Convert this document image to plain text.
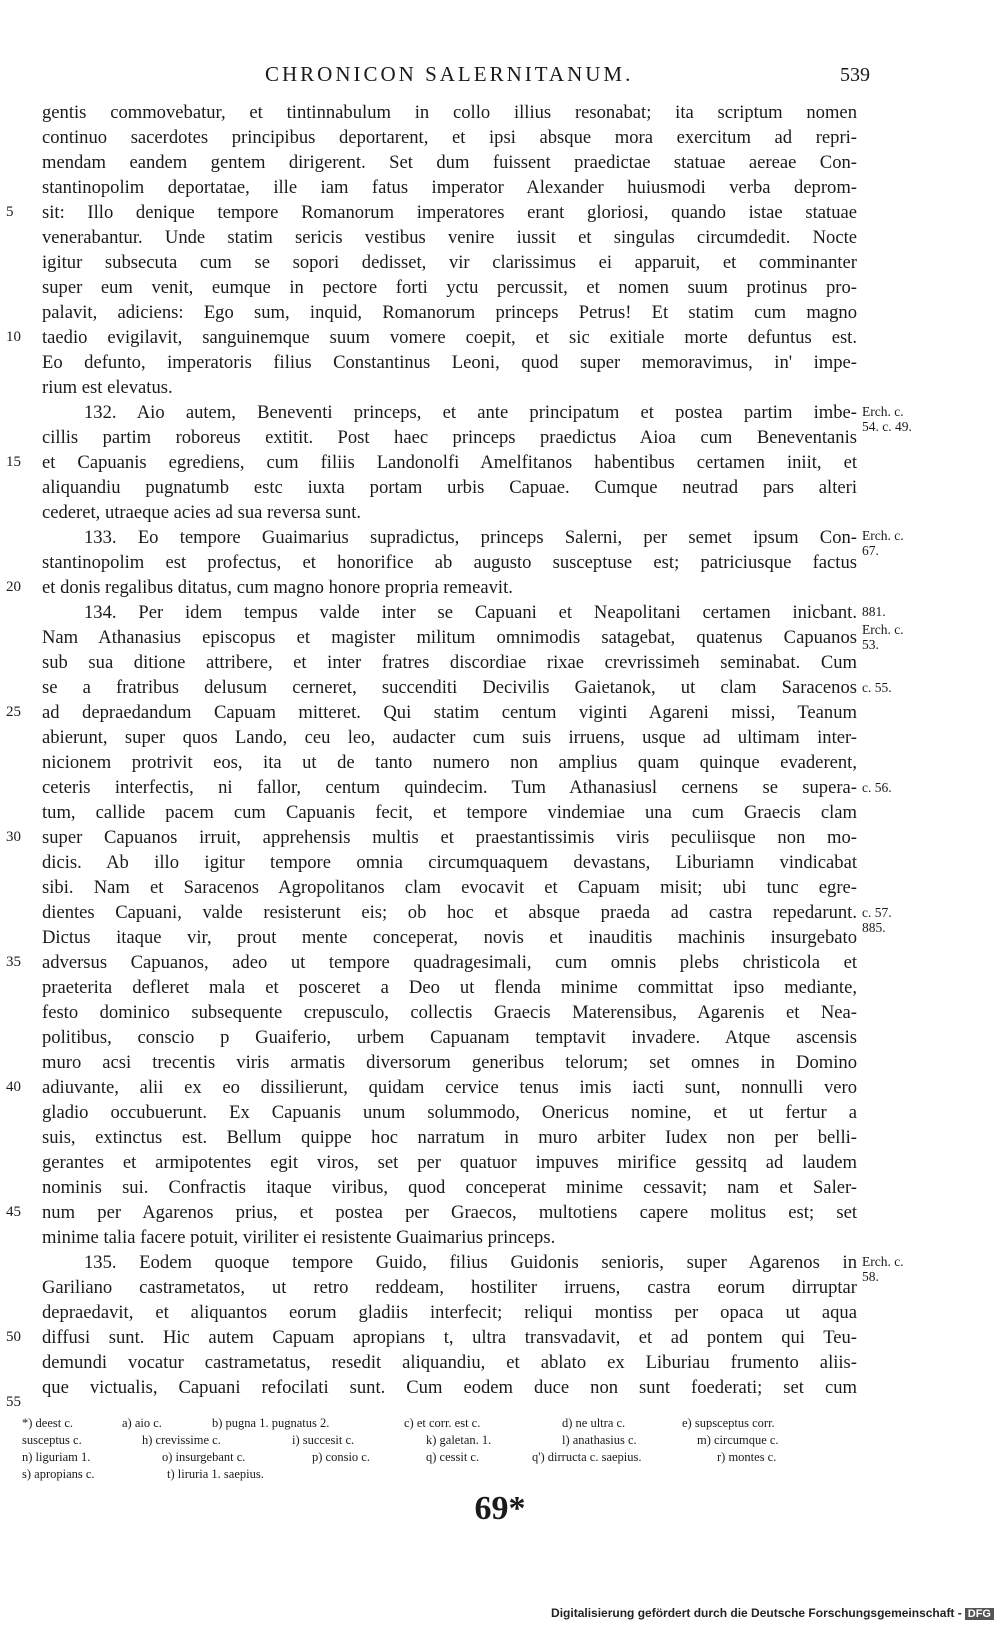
CHRONICON SALERNITANUM.	539
gentis commovebatur, et tintinnabulum in collo illius resonabat; ita scriptum nomen
continuo sacerdotes principibus deportarent, et ipsi absque mora exercitum ad repri-
mendam eandem gentem dirigerent. Set dum fuissent praedictae statuae aereae Con-
stantinopolim deportatae, ille iam fatus imperator Alexander huiusmodi verba deprom-
sit: Illo denique tempore Romanorum imperatores erant gloriosi, quando istae statuae
venerabantur. Unde statim sericis vestibus venire iussit et singulas circumdedit. Nocte
igitur subsecuta cum se sopori dedisset, vir clarissimus ei apparuit, et comminanter
super eum venit, eumque in pectore forti yctu percussit, et nomen suum protinus pro-
palavit, adiciens: Ego sum, inquid, Romanorum princeps Petrus! Et statim cum magno
taedio evigilavit, sanguinemque suum vomere coepit, et sic exitiale morte defuntus est.
Eo defunto, imperatoris filius Constantinus Leoni, quod super memoravimus, in' impe-
rium est elevatus.
132. Aio autem, Beneventi princeps, et ante principatum et postea partim imbe-
cillis partim roboreus extitit. Post haec princeps praedictus Aioa cum Beneventanis
et Capuanis egrediens, cum filiis Landonolfi Amelfitanos habentibus certamen iniit, et
aliquandiu pugnatumb estc iuxta portam urbis Capuae. Cumque neutrad pars alteri
cederet, utraeque acies ad sua reversa sunt.
133. Eo tempore Guaimarius supradictus, princeps Salerni, per semet ipsum Con-
stantinopolim est profectus, et honorifice ab augusto susceptuse est; patriciusque factus
et donis regalibus ditatus, cum magno honore propria remeavit.
134. Per idem tempus valde inter se Capuani et Neapolitani certamen inicbant.
Nam Athanasius episcopus et magister militum omnimodis satagebat, quatenus Capuanos
sub sua ditione attribere, et inter fratres discordiae rixae crevrissimeh seminabat. Cum
se a fratribus delusum cerneret, succenditi Decivilis Gaietanok, ut clam Saracenos
ad depraedandum Capuam mitteret. Qui statim centum viginti Agareni missi, Teanum
abierunt, super quos Lando, ceu leo, audacter cum suis irruens, usque ad ultimam inter-
nicionem protrivit eos, ita ut de tanto numero non amplius quam quinque evaderent,
ceteris interfectis, ni fallor, centum quindecim. Tum Athanasiusl cernens se supera-
tum, callide pacem cum Capuanis fecit, et tempore vindemiae una cum Graecis clam
super Capuanos irruit, apprehensis multis et praestantissimis viris peculiisque non mo-
dicis. Ab illo igitur tempore omnia circumquaquem devastans, Liburiamn vindicabat
sibi. Nam et Saracenos Agropolitanos clam evocavit et Capuam misit; ubi tunc egre-
dientes Capuani, valde resisterunt eis; ob hoc et absque praeda ad castra repedarunt.
Dictus itaque vir, prout mente conceperat, novis et inauditis machinis insurgebato
adversus Capuanos, adeo ut tempore quadragesimali, cum omnis plebs christicola et
praeterita defleret mala et posceret a Deo ut flenda minime committat ipso mediante,
festo dominico subsequente crepusculo, collectis Graecis Materensibus, Agarenis et Nea-
politibus, conscio p Guaiferio, urbem Capuanam temptavit invadere. Atque ascensis
muro acsi trecentis viris armatis diversorum generibus telorum; set omnes in Domino
adiuvante, alii ex eo dissilierunt, quidam cervice tenus imis iacti sunt, nonnulli vero
gladio occubuerunt. Ex Capuanis unum solummodo, Onericus nomine, et ut fertur a
suis, extinctus est. Bellum quippe hoc narratum in muro arbiter Iudex non per belli-
gerantes et armipotentes egit viros, set per quatuor impuves mirifice gessitq ad laudem
nominis sui. Confractis itaque viribus, quod conceperat minime cessavit; nam et Saler-
num per Agarenos prius, et postea per Graecos, multotiens capere molitus est; set
minime talia facere potuit, viriliter ei resistente Guaimarius princeps.
135. Eodem quoque tempore Guido, filius Guidonis senioris, super Agarenos in
Gariliano castrametatos, ut retro reddeam, hostiliter irruens, castra eorum dirruptar
depraedavit, et aliquantos eorum gladiis interfecit; reliqui montiss per opaca ut aqua
diffusi sunt. Hic autem Capuam apropians t, ultra transvadavit, et ad pontem qui Teu-
demundi vocatur castrametatus, resedit aliquandiu, et ablato ex Liburiau frumento aliis-
que victualis, Capuani refocilati sunt. Cum eodem duce non sunt foederati; set cum
5
10
15
20
25
30
35
40
45
50
55
Erch. c. 54. c. 49.
Erch. c. 67.
881.
Erch. c. 53.
c. 55.
c. 56.
c. 57. 885.
Erch. c. 58.
*) deest c.	a) aio c.	b) pugna 1. pugnatus 2.	c) et corr. est c.	d) ne ultra c.	e) supsceptus corr.
susceptus c.	h) crevissime c.	i) succesit c.	k) galetan. 1.	l) anathasius c.	m) circumque c.
n) liguriam 1.	o) insurgebant c.	p) consio c.	q) cessit c.	q') dirructa c. saepius.	r) montes c.
s) apropians c.	t) liruria 1. saepius.
69*
Digitalisierung gefördert durch die Deutsche Forschungsgemeinschaft - DFG
